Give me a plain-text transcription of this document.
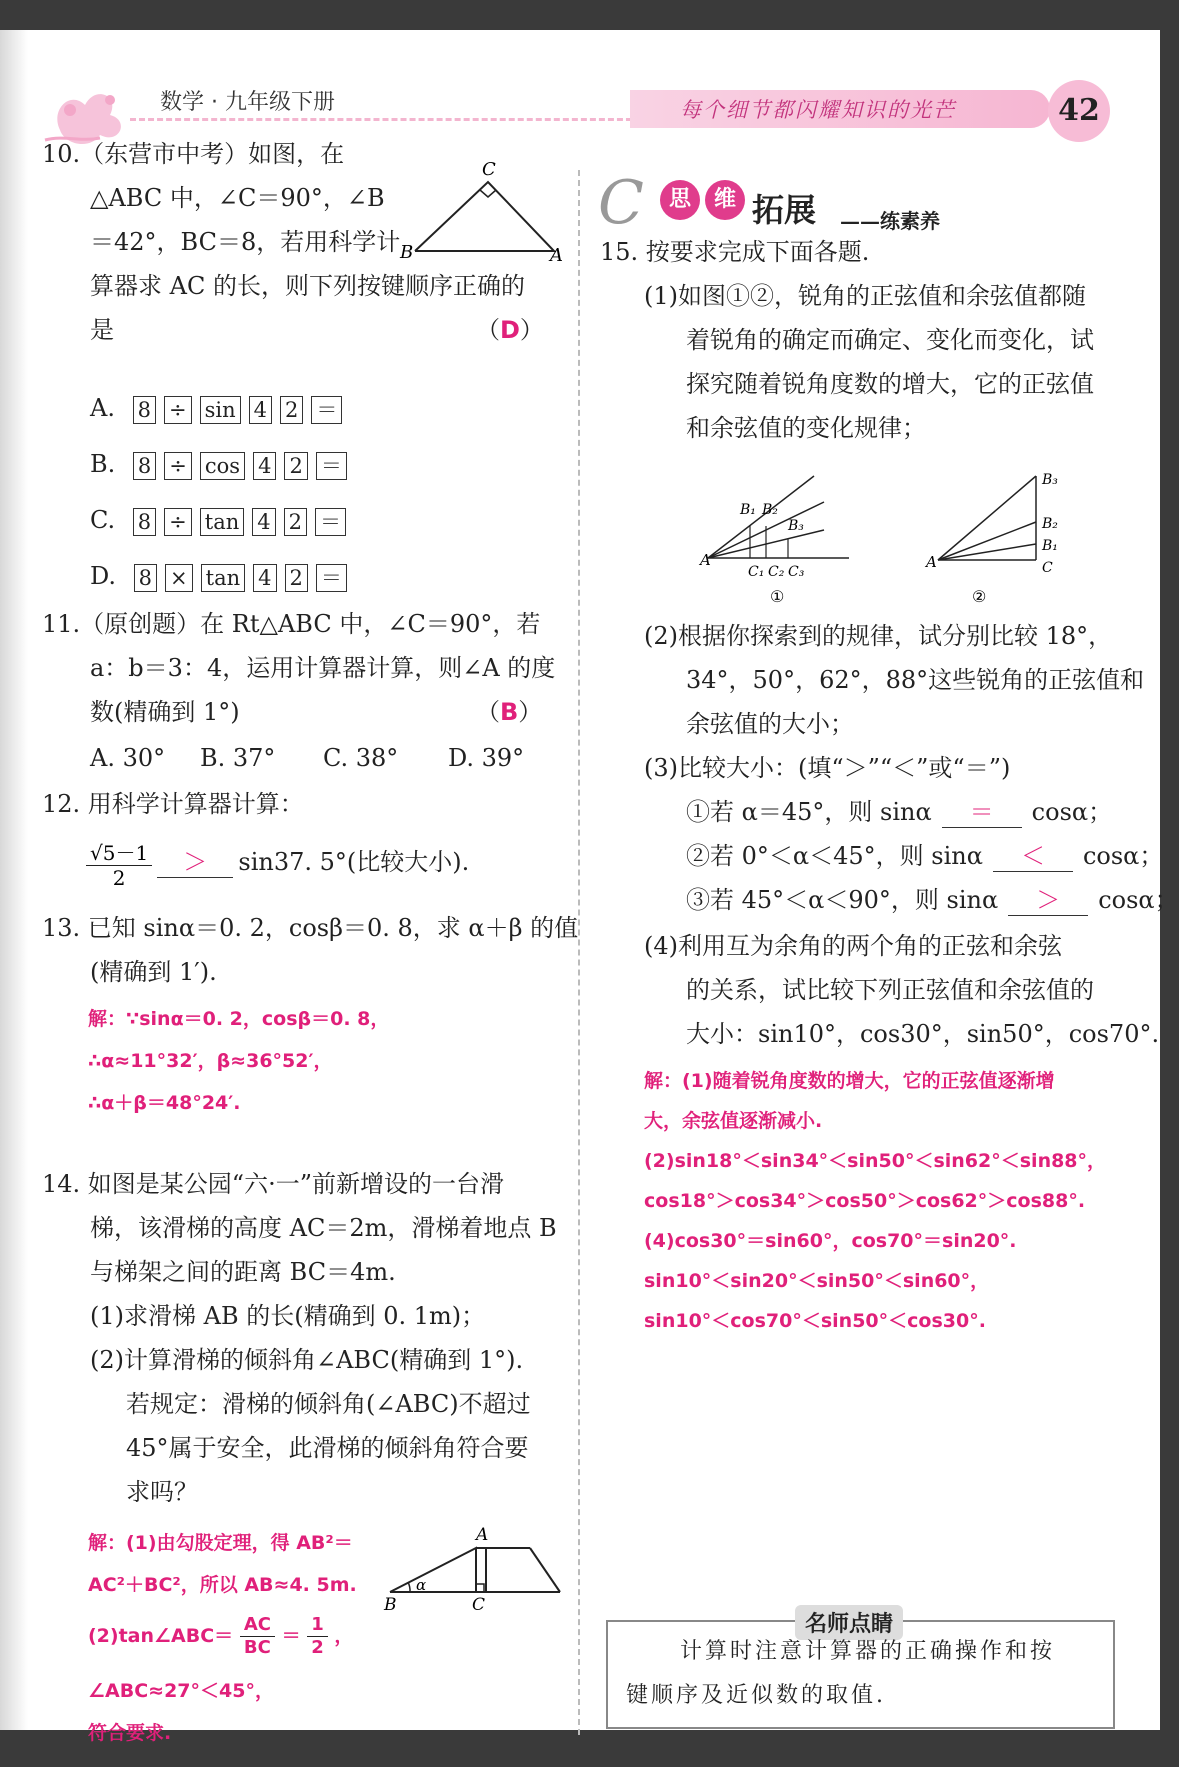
数学 · 九年级下册	每个细节都闪耀知识的光芒	42
10.（东营市中考）如图，在
△ABC 中，∠C＝90°，∠B
＝42°，BC＝8，若用科学计
算器求 AC 的长，则下列按键顺序正确的
是	（D）
C
B	A
A. 8 ÷ sin 4 2 ＝
B. 8 ÷ cos 4 2 ＝
C. 8 ÷ tan 4 2 ＝
D. 8 × tan 4 2 ＝
11.（原创题）在 Rt△ABC 中，∠C＝90°，若
a：b＝3：4，运用计算器计算，则∠A 的度
数(精确到 1°)	（B）
A. 30° B. 37° C. 38° D. 39°
12. 用科学计算器计算：
$\frac{√5-1}{2} > \sin 37$. 5°(比较大小).
13. 已知 sinα＝0. 2，cosβ＝0. 8，求 α＋β 的值
(精确到 1′).
解：∵sinα＝0. 2，cosβ＝0. 8，
∴α≈11°32′，β≈36°52′，
∴α＋β＝48°24′.
14. 如图是某公园“六·一”前新增设的一台滑
梯，该滑梯的高度 AC＝2m，滑梯着地点 B
与梯架之间的距离 BC＝4m.
(1)求滑梯 AB 的长(精确到 0. 1m)；
(2)计算滑梯的倾斜角∠ABC(精确到 1°).
若规定：滑梯的倾斜角(∠ABC)不超过
45°属于安全，此滑梯的倾斜角符合要
求吗？
解：(1)由勾股定理，得 AB²＝
AC²＋BC²，所以 AB≈4. 5m.
(2)tan∠ABC＝ $\frac{AC}{BC} = \frac{1}{2}$ ，
∠ABC≈27°＜45°，
符合要求.
A
B	C
α
C	思	维 拓展 ——练素养
15. 按要求完成下面各题.
(1)如图①②，锐角的正弦值和余弦值都随
着锐角的确定而确定、变化而变化，试
探究随着锐角度数的增大，它的正弦值
和余弦值的变化规律；
A
B₁ B₂
B₃
C₁ C₂ C₃
①
A
B₃
B₂
B₁
C
②
(2)根据你探索到的规律，试分别比较 18°，
34°，50°，62°，88°这些锐角的正弦值和
余弦值的大小；
(3)比较大小：(填“＞”“＜”或“＝”)
①若 α＝45°，则 sinα ＝ cosα；
②若 0°＜α＜45°，则 sinα ＜ cosα；
③若 45°＜α＜90°，则 sinα ＞ cosα；
(4)利用互为余角的两个角的正弦和余弦
的关系，试比较下列正弦值和余弦值的
大小：sin10°，cos30°，sin50°，cos70°.
解：(1)随着锐角度数的增大，它的正弦值逐渐增
大，余弦值逐渐减小.
(2)sin18°＜sin34°＜sin50°＜sin62°＜sin88°，
cos18°＞cos34°＞cos50°＞cos62°＞cos88°.
(4)cos30°＝sin60°，cos70°＝sin20°.
sin10°＜sin20°＜sin50°＜sin60°，
sin10°＜cos70°＜sin50°＜cos30°.
名师点睛
计算时注意计算器的正确操作和按
键顺序及近似数的取值.
